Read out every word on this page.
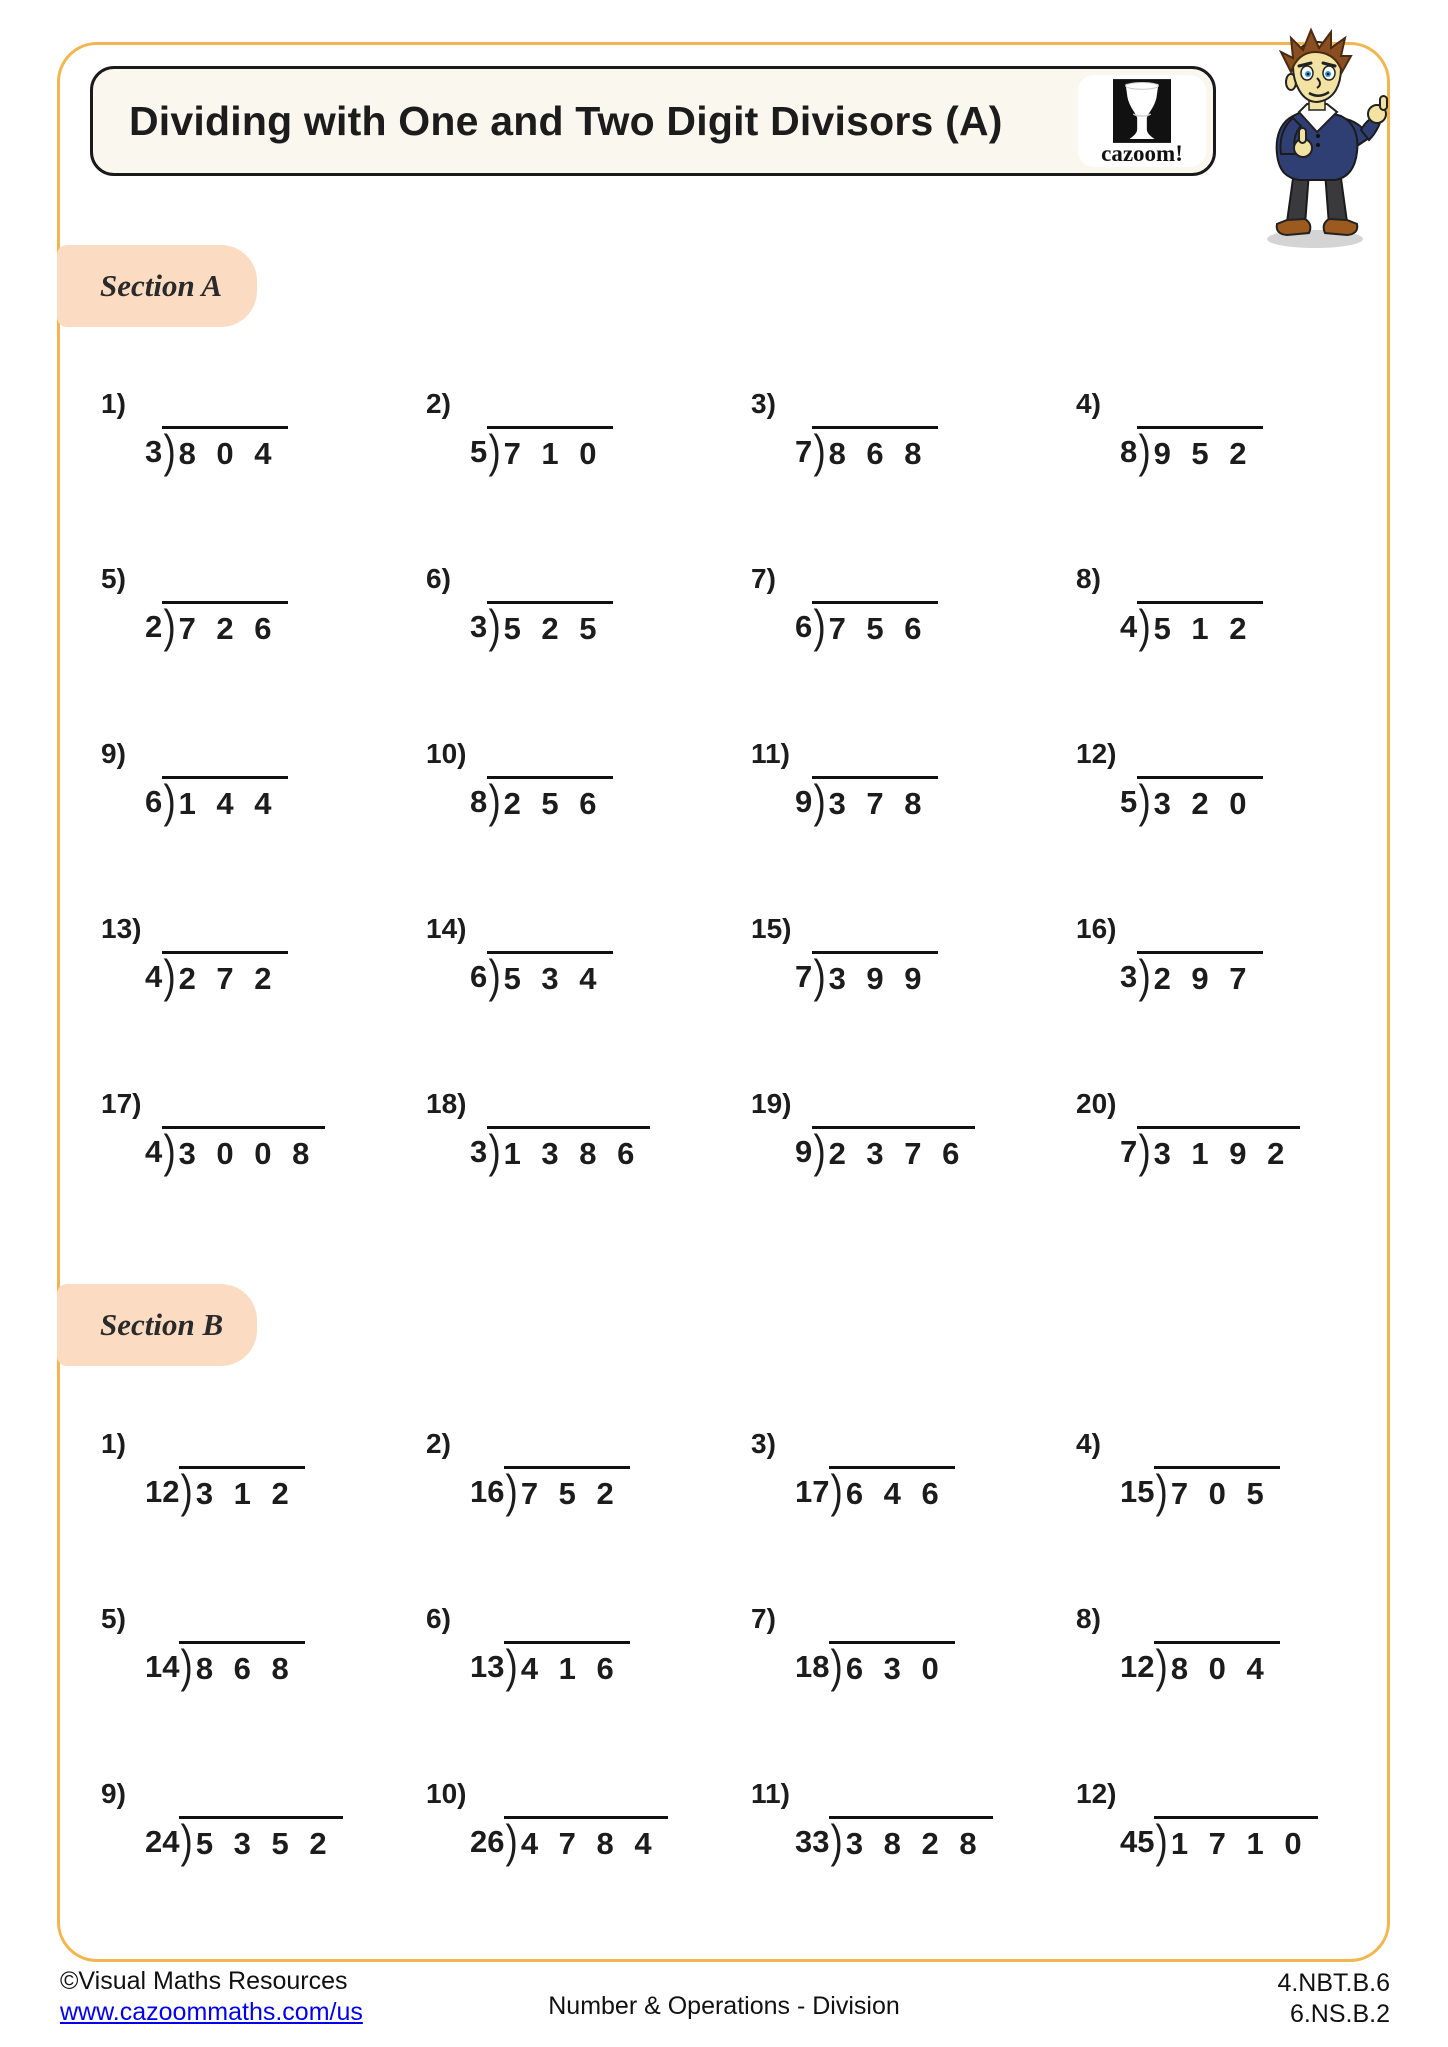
Dividing with One and Two Digit Divisors (A)
cazoom!
Section A
Section B
1)
3 )8 0 4
2)
5 )7 1 0
3)
7 )8 6 8
4)
8 )9 5 2
5)
2 )7 2 6
6)
3 )5 2 5
7)
6 )7 5 6
8)
4 )5 1 2
9)
6 )1 4 4
10)
8 )2 5 6
11)
9 )3 7 8
12)
5 )3 2 0
13)
4 )2 7 2
14)
6 )5 3 4
15)
7 )3 9 9
16)
3 )2 9 7
17)
4 )3 0 0 8
18)
3 )1 3 8 6
19)
9 )2 3 7 6
20)
7 )3 1 9 2
1)
12 )3 1 2
2)
16 )7 5 2
3)
17 )6 4 6
4)
15 )7 0 5
5)
14 )8 6 8
6)
13 )4 1 6
7)
18 )6 3 0
8)
12 )8 0 4
9)
24 )5 3 5 2
10)
26 )4 7 8 4
11)
33 )3 8 2 8
12)
45 )1 7 1 0
©Visual Maths Resources
www.cazoommaths.com/us	Number & Operations - Division
4.NBT.B.6
6.NS.B.2
